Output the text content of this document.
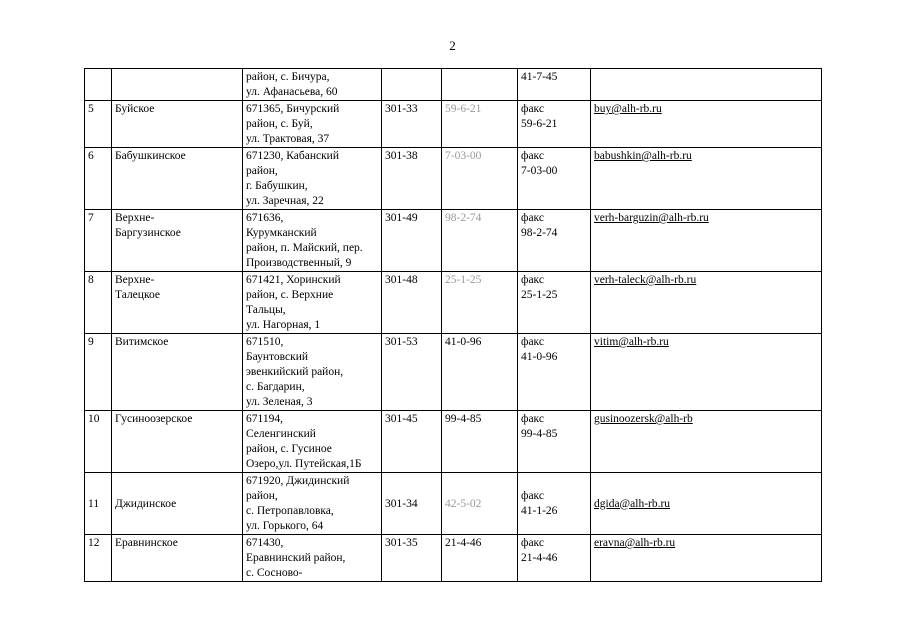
2
		район, с. Бичура,
ул. Афанасьева, 60			41-7-45	
5	Буйское	671365, Бичурский
район, с. Буй,
ул. Трактовая, 37	301-33	59-6-21	факс
59-6-21	buy@alh-rb.ru
6	Бабушкинское	671230, Кабанский
район,
г. Бабушкин,
ул. Заречная, 22	301-38	7-03-00	факс
7-03-00	babushkin@alh-rb.ru
7	Верхне-
Баргузинское	671636,
Курумканский
район, п. Майский, пер.
Производственный, 9	301-49	98-2-74	факс
98-2-74	verh-barguzin@alh-rb.ru
8	Верхне-
Талецкое	671421, Хоринский
район, с. Верхние
Тальцы,
ул. Нагорная, 1	301-48	25-1-25	факс
25-1-25	verh-taleck@alh-rb.ru
9	Витимское	671510,
Баунтовский
эвенкийский район,
с. Багдарин,
ул. Зеленая, 3	301-53	41-0-96	факс
41-0-96	vitim@alh-rb.ru
10	Гусиноозерское	671194,
Селенгинский
район, с. Гусиное
Озеро,ул. Путейская,1Б	301-45	99-4-85	факс
99-4-85	gusinoozersk@alh-rb
11	Джидинское	671920, Джидинский
район,
с. Петропавловка,
ул. Горького, 64	301-34	42-5-02	факс
41-1-26	dgida@alh-rb.ru
12	Еравнинское	671430,
Еравнинский район,
с. Сосново-	301-35	21-4-46	факс
21-4-46	eravna@alh-rb.ru
